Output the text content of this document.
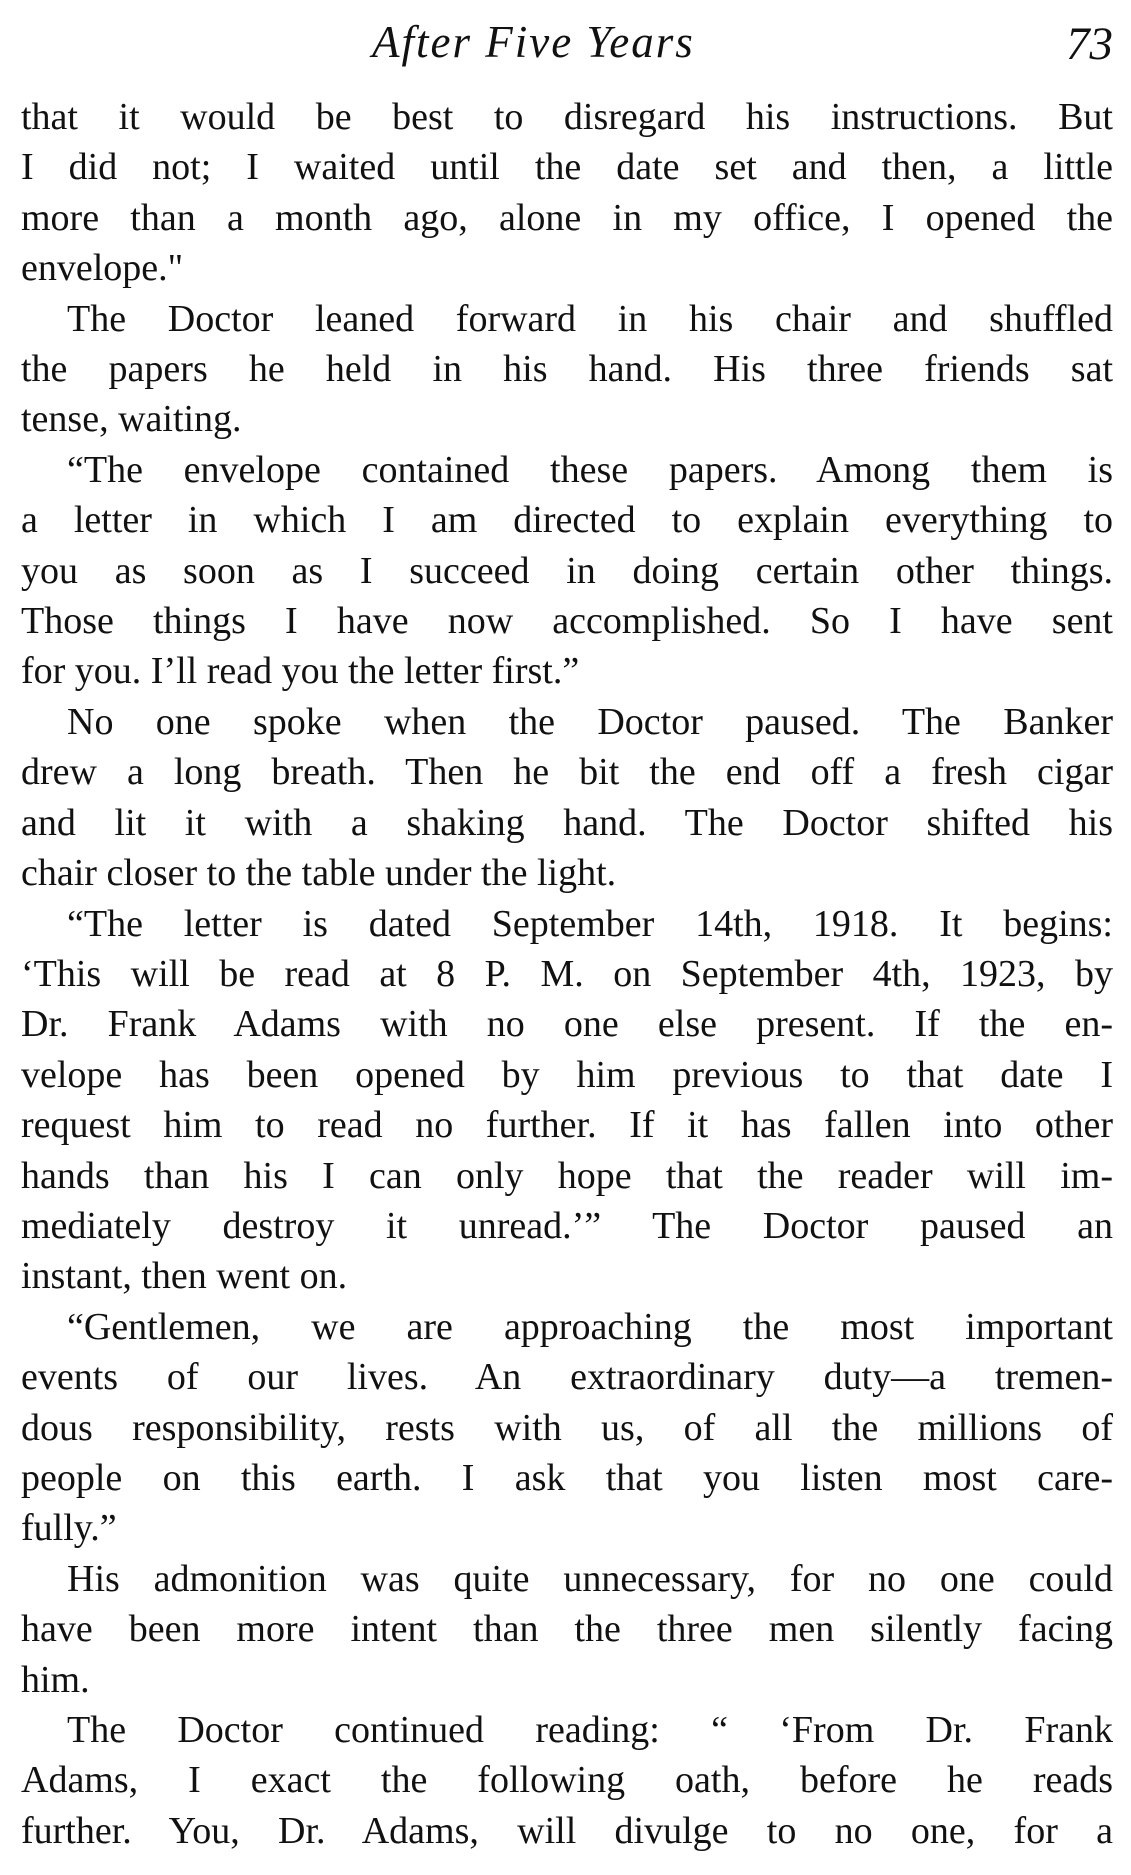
After Five Years	73
that it would be best to disregard his instructions. But
I did not; I waited until the date set and then, a little
more than a month ago, alone in my office, I opened the
envelope."
The Doctor leaned forward in his chair and shuffled
the papers he held in his hand. His three friends sat
tense, waiting.
“The envelope contained these papers. Among them is
a letter in which I am directed to explain everything to
you as soon as I succeed in doing certain other things.
Those things I have now accomplished. So I have sent
for you. I’ll read you the letter first.”
No one spoke when the Doctor paused. The Banker
drew a long breath. Then he bit the end off a fresh cigar
and lit it with a shaking hand. The Doctor shifted his
chair closer to the table under the light.
“The letter is dated September 14th, 1918. It begins:
‘This will be read at 8 P. M. on September 4th, 1923, by
Dr. Frank Adams with no one else present. If the en-
velope has been opened by him previous to that date I
request him to read no further. If it has fallen into other
hands than his I can only hope that the reader will im-
mediately destroy it unread.’” The Doctor paused an
instant, then went on.
“Gentlemen, we are approaching the most important
events of our lives. An extraordinary duty—a tremen-
dous responsibility, rests with us, of all the millions of
people on this earth. I ask that you listen most care-
fully.”
His admonition was quite unnecessary, for no one could
have been more intent than the three men silently facing
him.
The Doctor continued reading: “ ‘From Dr. Frank
Adams, I exact the following oath, before he reads
further. You, Dr. Adams, will divulge to no one, for a
